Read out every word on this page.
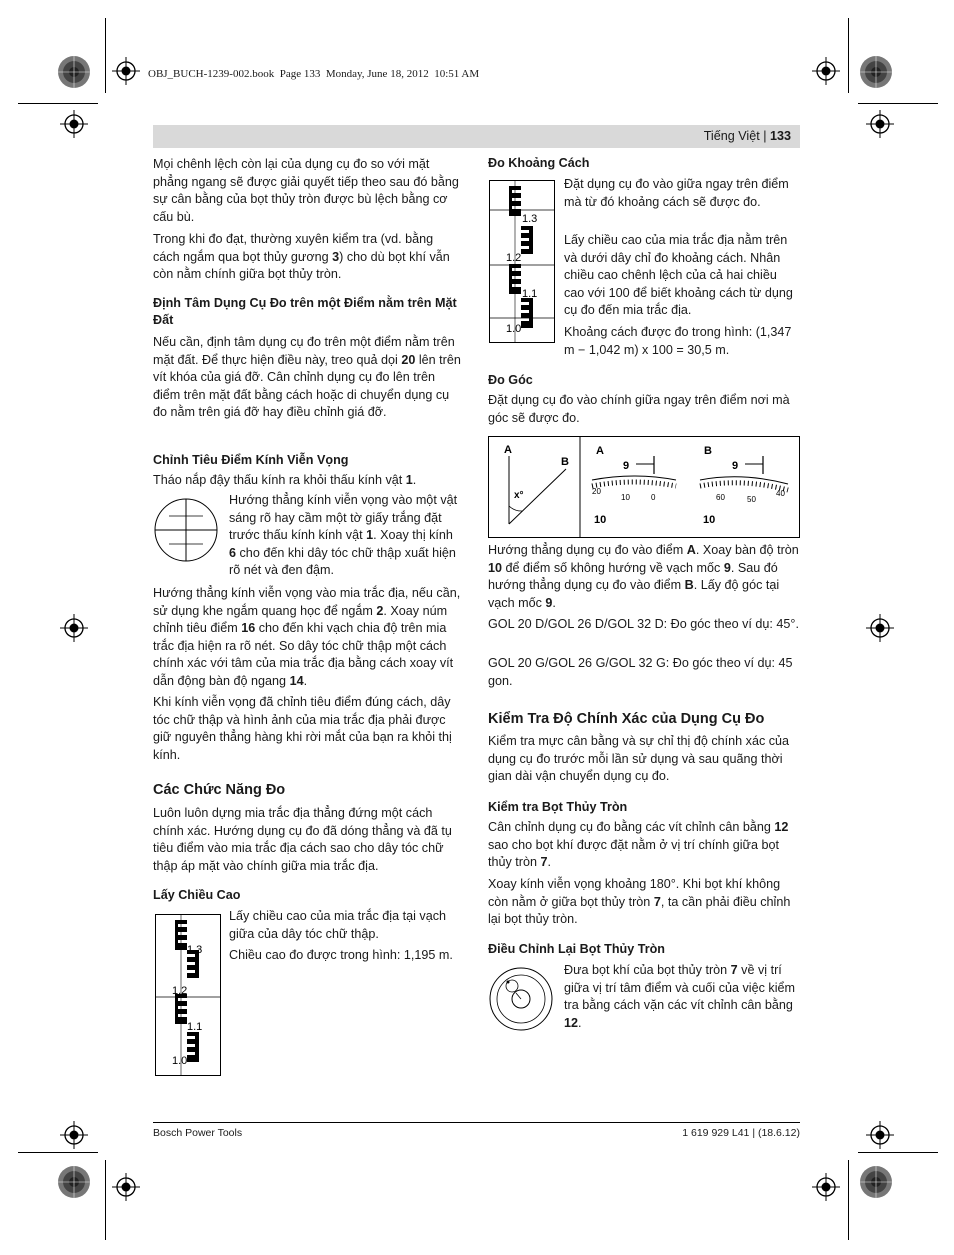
OBJ_BUCH-1239-002.book  Page 133  Monday, June 18, 2012  10:51 AM
Tiếng Việt | 133

Mọi chênh lệch còn lại của dụng cụ đo so với mặt phẳng ngang sẽ được giải quyết tiếp theo sau đó bằng sự cân bằng của bọt thủy tròn được bù lệch bằng cơ cấu bù.

Trong khi đo đạt, thường xuyên kiểm tra (vd. bằng cách ngắm qua bọt thủy gương 3) cho dù bọt khí vẫn còn nằm chính giữa bọt thủy tròn.

Định Tâm Dụng Cụ Đo trên một Điểm nằm trên Mặt Đất

Nếu cần, định tâm dụng cụ đo trên một điểm nằm trên mặt đất. Để thực hiện điều này, treo quả dọi 20 lên trên vít khóa của giá đỡ. Cân chỉnh dụng cụ đo lên trên điểm trên mặt đất bằng cách hoặc di chuyển dụng cụ đo nằm trên giá đỡ hay điều chỉnh giá đỡ.

Chỉnh Tiêu Điểm Kính Viễn Vọng

Tháo nắp đậy thấu kính ra khỏi thấu kính vật 1.

Hướng thẳng kính viễn vọng vào một vật sáng rõ hay cầm một tờ giấy trắng đặt trước thấu kính kính vật 1. Xoay thị kính 6 cho đến khi dây tóc chữ thập xuất hiện rõ nét và đen đậm.

Hướng thẳng kính viễn vọng vào mia trắc địa, nếu cần, sử dụng khe ngắm quang học để ngắm 2. Xoay núm chỉnh tiêu điểm 16 cho đến khi vạch chia độ trên mia trắc địa hiện ra rõ nét. So dây tóc chữ thập một cách chính xác với tâm của mia trắc địa bằng cách xoay vít dẫn động bàn độ ngang 14.

Khi kính viễn vọng đã chỉnh tiêu điểm đúng cách, dây tóc chữ thập và hình ảnh của mia trắc địa phải được giữ nguyên thẳng hàng khi rời mắt của bạn ra khỏi thị kính.

Các Chức Năng Đo

Luôn luôn dựng mia trắc địa thẳng đứng một cách chính xác. Hướng dụng cụ đo đã dóng thẳng và đã tụ tiêu điểm vào mia trắc địa cách sao cho dây tóc chữ thập áp mặt vào chính giữa mia trắc địa.

Lấy Chiều Cao
1.3
1.2
1.1
1.0

Lấy chiều cao của mia trắc địa tại vạch giữa của dây tóc chữ thập.

Chiều cao đo được trong hình: 1,195 m.

Đo Khoảng Cách
1.3
1.2
1.1
1.0

Đặt dụng cụ đo vào giữa ngay trên điểm mà từ đó khoảng cách sẽ được đo.

Lấy chiều cao của mia trắc địa nằm trên và dưới dây chỉ đo khoảng cách. Nhân chiều cao chênh lệch của cả hai chiều cao với 100 để biết khoảng cách từ dụng cụ đo đến mia trắc địa.

Khoảng cách được đo trong hình: (1,347 m − 1,042 m) x 100 = 30,5 m.

Đo Góc

Đặt dụng cụ đo vào chính giữa ngay trên điểm nơi mà góc sẽ được đo.

A
B
x°
A
9
20
10	0
10
B
9
60	50
40
10

Hướng thẳng dụng cụ đo vào điểm A. Xoay bàn độ tròn 10 để điểm số không hướng về vạch mốc 9. Sau đó hướng thẳng dụng cụ đo vào điểm B. Lấy độ góc tại vạch mốc 9.

GOL 20 D/GOL 26 D/GOL 32 D: Đo góc theo ví dụ: 45°.

GOL 20 G/GOL 26 G/GOL 32 G: Đo góc theo ví dụ: 45 gon.

Kiểm Tra Độ Chính Xác của Dụng Cụ Đo

Kiểm tra mực cân bằng và sự chỉ thị độ chính xác của dụng cụ đo trước mỗi lần sử dụng và sau quãng thời gian dài vận chuyển dụng cụ đo.

Kiểm tra Bọt Thủy Tròn

Cân chỉnh dụng cụ đo bằng các vít chỉnh cân bằng 12 sao cho bọt khí được đặt nằm ở vị trí chính giữa bọt thủy tròn 7.

Xoay kính viễn vọng khoảng 180°. Khi bọt khí không còn nằm ở giữa bọt thủy tròn 7, ta cần phải điều chỉnh lại bọt thủy tròn.

Điều Chỉnh Lại Bọt Thủy Tròn

Đưa bọt khí của bọt thủy tròn 7 về vị trí giữa vị trí tâm điểm và cuối của việc kiểm tra bằng cách vặn các vít chỉnh cân bằng 12.

Bosch Power Tools	1 619 929 L41 | (18.6.12)
